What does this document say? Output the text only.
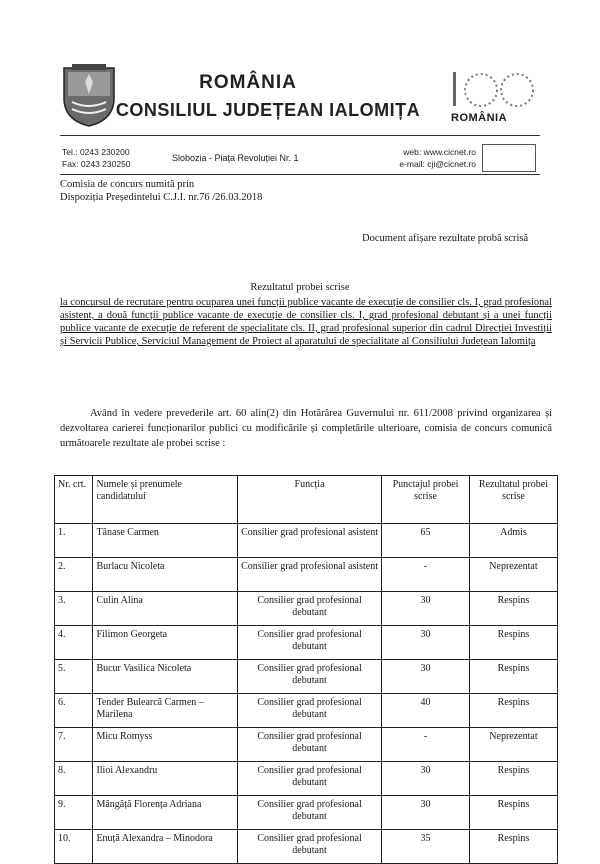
ROMÂNIA
CONSILIUL JUDEȚEAN IALOMIȚA	ROMÂNIA
Tel.: 0243 230200
Fax: 0243 230250
Slobozia - Piața Revoluției Nr. 1
web: www.cicnet.ro
e-mail: cji@cicnet.ro
Comisia de concurs numită prin
Dispoziția Președintelui C.J.I. nr.76 /26.03.2018
Document afișare rezultate probă scrisă
Rezultatul probei scrise
la concursul de recrutare pentru ocuparea unei funcții publice vacante de execuție de consilier cls. I, grad profesional asistent, a două funcții publice vacante de execuție de consilier cls. I, grad profesional debutant și a unei funcții publice vacante de execuție de referent de specialitate cls. II, grad profesional superior din cadrul Direcției Investiții și Servicii Publice, Serviciul Management de Proiect al aparatului de specialitate al Consiliului Județean Ialomița
Având în vedere prevederile art. 60 alin(2) din Hotărârea Guvernului nr. 611/2008 privind organizarea și dezvoltarea carierei funcționarilor publici cu modificările și completările ulterioare, comisia de concurs comunică următoarele rezultate ale probei scrise :
Nr. crt.	Numele și prenumele candidatului	Funcția	Punctajul probei scrise	Rezultatul probei scrise
1.	Tănase Carmen	Consilier grad profesional asistent	65	Admis
2.	Burlacu Nicoleta	Consilier grad profesional asistent	-	Neprezentat
3.	Culin Alina	Consilier grad profesional debutant	30	Respins
4.	Filimon Georgeta	Consilier grad profesional debutant	30	Respins
5.	Bucur Vasilica Nicoleta	Consilier grad profesional debutant	30	Respins
6.	Tender Bulearcă Carmen – Marilena	Consilier grad profesional debutant	40	Respins
7.	Micu Romyss	Consilier grad profesional debutant	-	Neprezentat
8.	Ilioi Alexandru	Consilier grad profesional debutant	30	Respins
9.	Mângâță Florența Adriana	Consilier grad profesional debutant	30	Respins
10.	Enuță Alexandra – Minodora	Consilier grad profesional debutant	35	Respins
